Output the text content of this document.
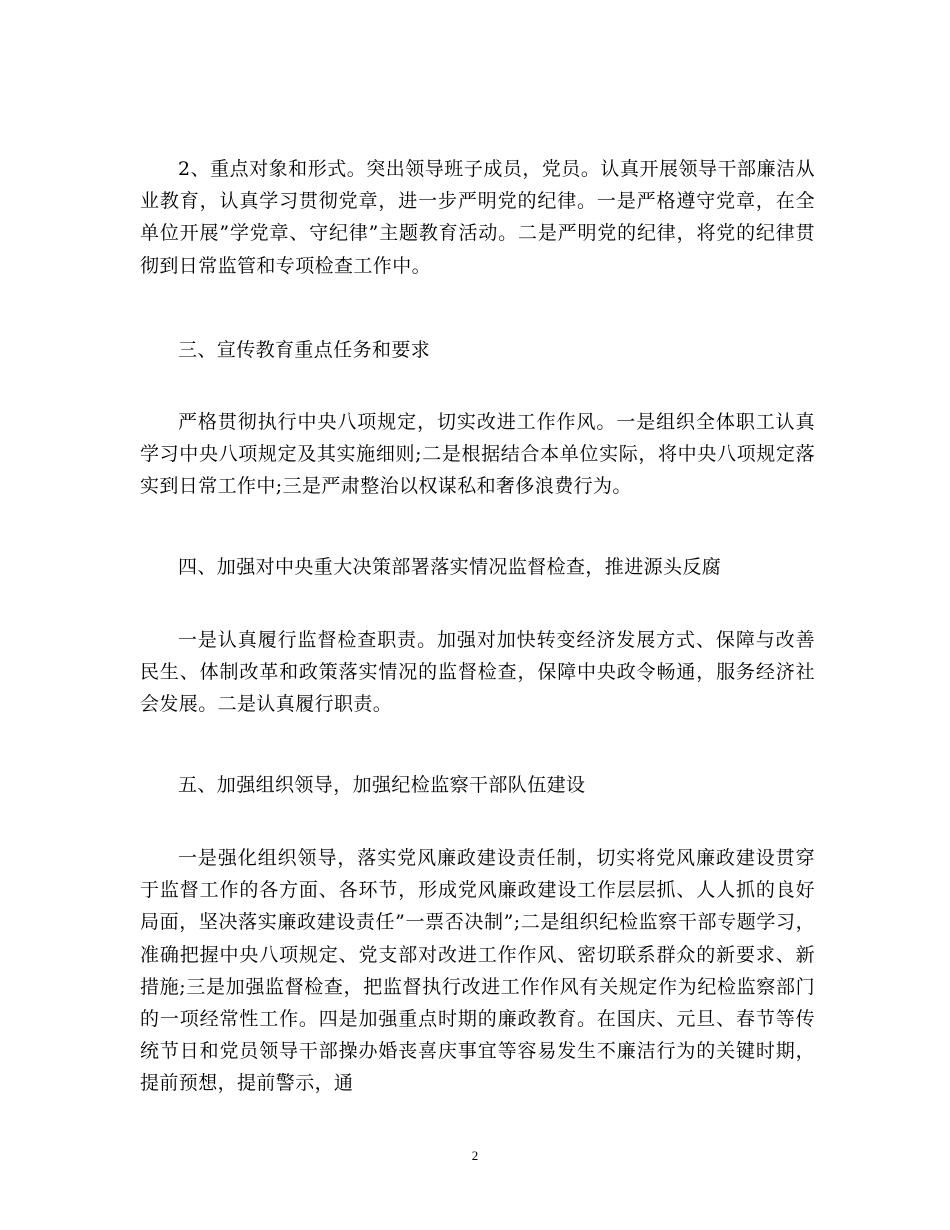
2、重点对象和形式。突出领导班子成员，党员。认真开展领导干部廉洁从业教育，认真学习贯彻党章，进一步严明党的纪律。一是严格遵守党章，在全单位开展”学党章、守纪律”主题教育活动。二是严明党的纪律，将党的纪律贯彻到日常监管和专项检查工作中。

三、宣传教育重点任务和要求

严格贯彻执行中央八项规定，切实改进工作作风。一是组织全体职工认真学习中央八项规定及其实施细则;二是根据结合本单位实际，将中央八项规定落实到日常工作中;三是严肃整治以权谋私和奢侈浪费行为。

四、加强对中央重大决策部署落实情况监督检查，推进源头反腐

一是认真履行监督检查职责。加强对加快转变经济发展方式、保障与改善民生、体制改革和政策落实情况的监督检查，保障中央政令畅通，服务经济社会发展。二是认真履行职责。

五、加强组织领导，加强纪检监察干部队伍建设

一是强化组织领导，落实党风廉政建设责任制，切实将党风廉政建设贯穿于监督工作的各方面、各环节，形成党风廉政建设工作层层抓、人人抓的良好局面，坚决落实廉政建设责任”一票否决制”;二是组织纪检监察干部专题学习，准确把握中央八项规定、党支部对改进工作作风、密切联系群众的新要求、新措施;三是加强监督检查，把监督执行改进工作作风有关规定作为纪检监察部门的一项经常性工作。四是加强重点时期的廉政教育。在国庆、元旦、春节等传统节日和党员领导干部操办婚丧喜庆事宜等容易发生不廉洁行为的关键时期，提前预想，提前警示，通

2
